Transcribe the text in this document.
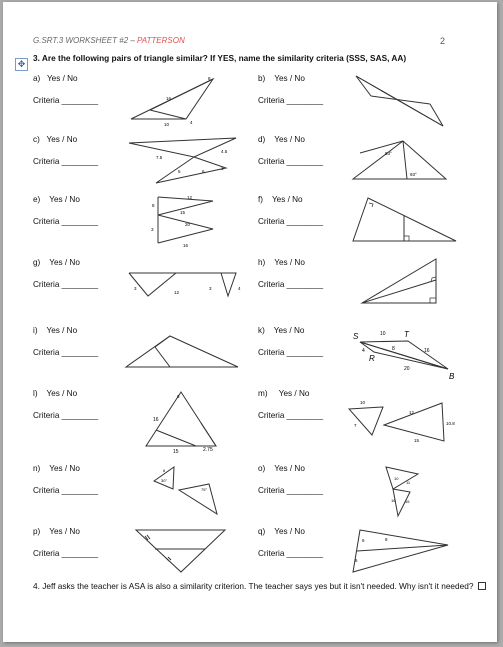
G.SRT.3 WORKSHEET #2 – PATTERSON	2
✥
3. Are the following pairs of triangle similar? If YES, name the similarity criteria (SSS, SAS, AA)
a) Yes / No
Criteria ________
8
16
10	4
b) Yes / No
Criteria ________
c) Yes / No
Criteria ________	7.5
4.5
5	6
3
d) Yes / No
Criteria ________
93°
93°
e) Yes / No
Criteria ________
12
8
15
20
3
16
f) Yes / No
Criteria ________
g) Yes / No
Criteria ________	3
12
3	4
h) Yes / No
Criteria ________
i) Yes / No
Criteria ________
k) Yes / No
Criteria ________
S	10 T
4	8	16
R
20
B
l) Yes / No
Criteria ________
6
16
15	2.75
m) Yes / No
Criteria ________
10
7
12
10.8
15
n) Yes / No
Criteria ________
6
30°
75°
o) Yes / No
Criteria ________
10
11
16 15
p) Yes / No
Criteria ________
q) Yes / No
Criteria ________
6
6
8
4. Jeff asks the teacher is ASA is also a similarity criterion. The teacher says yes but it isn't needed. Why isn't it needed?
